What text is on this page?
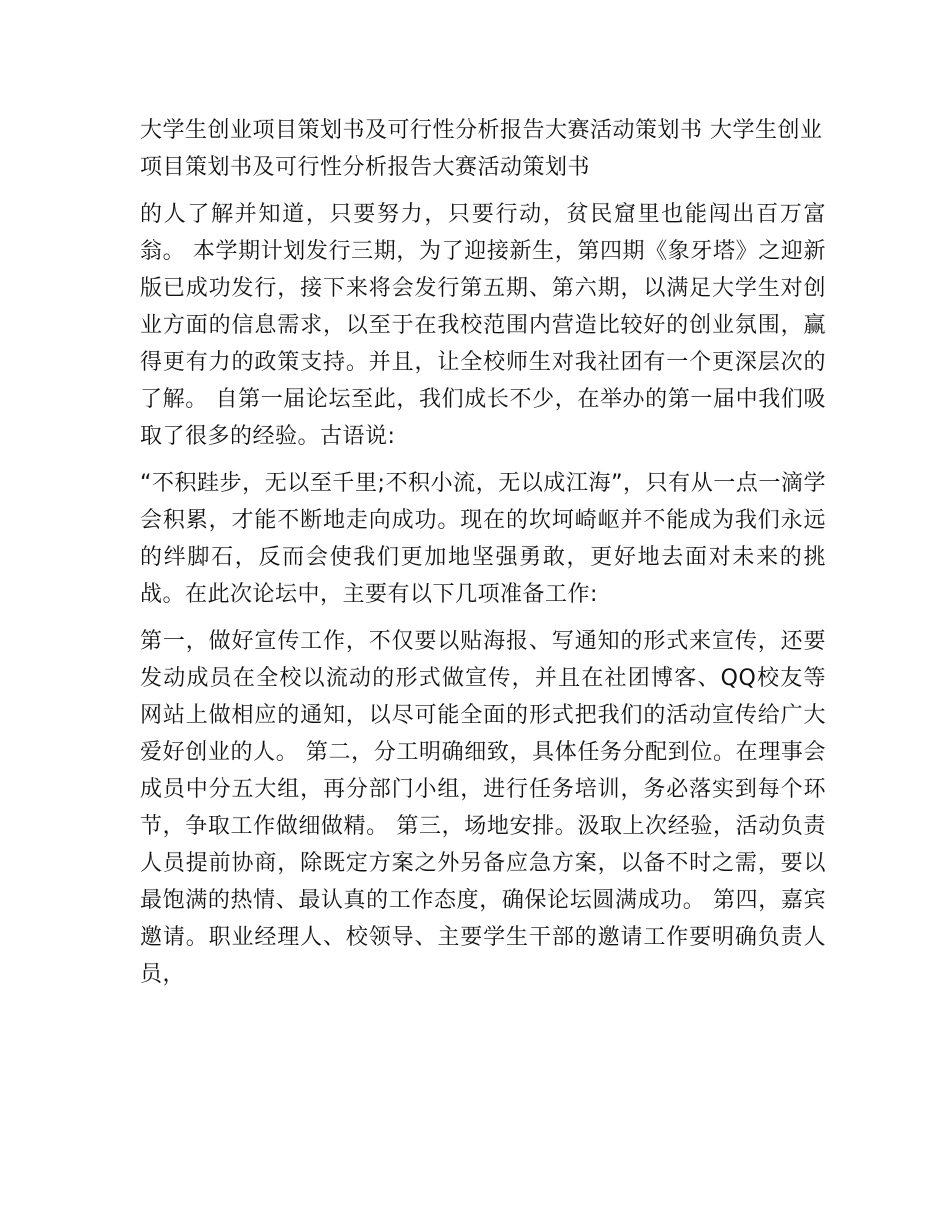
大学生创业项目策划书及可行性分析报告大赛活动策划书 大学生创业项目策划书及可行性分析报告大赛活动策划书

的人了解并知道，只要努力，只要行动，贫民窟里也能闯出百万富翁。 本学期计划发行三期，为了迎接新生，第四期《象牙塔》之迎新版已成功发行，接下来将会发行第五期、第六期，以满足大学生对创业方面的信息需求，以至于在我校范围内营造比较好的创业氛围，赢得更有力的政策支持。并且，让全校师生对我社团有一个更深层次的了解。 自第一届论坛至此，我们成长不少，在举办的第一届中我们吸取了很多的经验。古语说:

“不积跬步，无以至千里;不积小流，无以成江海”，只有从一点一滴学会积累，才能不断地走向成功。现在的坎坷崎岖并不能成为我们永远的绊脚石，反而会使我们更加地坚强勇敢，更好地去面对未来的挑战。在此次论坛中，主要有以下几项准备工作:

第一，做好宣传工作，不仅要以贴海报、写通知的形式来宣传，还要发动成员在全校以流动的形式做宣传，并且在社团博客、QQ校友等网站上做相应的通知，以尽可能全面的形式把我们的活动宣传给广大爱好创业的人。 第二，分工明确细致，具体任务分配到位。在理事会成员中分五大组，再分部门小组，进行任务培训，务必落实到每个环节，争取工作做细做精。 第三，场地安排。汲取上次经验，活动负责人员提前协商，除既定方案之外另备应急方案，以备不时之需，要以最饱满的热情、最认真的工作态度，确保论坛圆满成功。 第四，嘉宾邀请。职业经理人、校领导、主要学生干部的邀请工作要明确负责人员，
